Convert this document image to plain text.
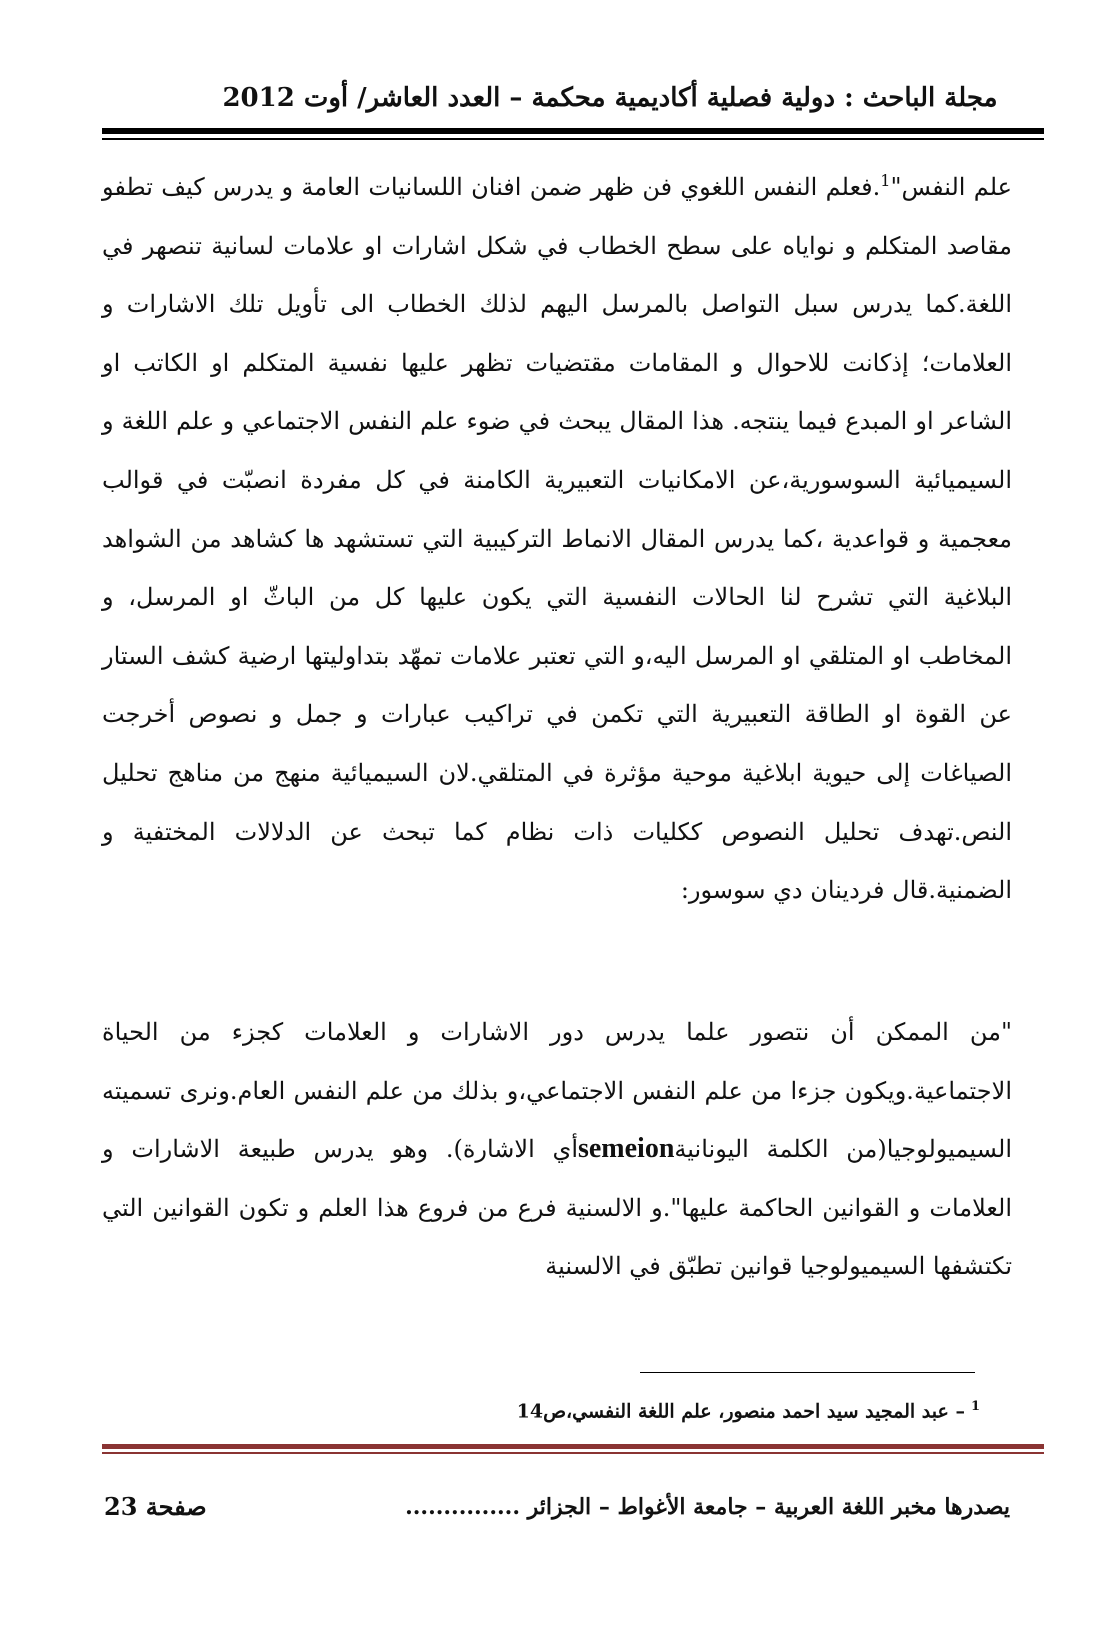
مجلة الباحث : دولية فصلية أكاديمية محكمة – العدد العاشر/ أوت 2012

علم النفس"$^1$.فعلم النفس اللغوي فن ظهر ضمن افنان اللسانيات العامة و يدرس كيف تطفو مقاصد المتكلم و نواياه على سطح الخطاب في شكل اشارات او علامات لسانية تنصهر في اللغة.كما يدرس سبل التواصل بالمرسل اليهم لذلك الخطاب الى تأويل تلك الاشارات و العلامات؛ إذكانت للاحوال و المقامات مقتضيات تظهر عليها نفسية المتكلم او الكاتب او الشاعر او المبدع فيما ينتجه. هذا المقال يبحث في ضوء علم النفس الاجتماعي و علم اللغة و السيميائية السوسورية،عن الامكانيات التعبيرية الكامنة في كل مفردة انصبّت في قوالب معجمية و قواعدية ،كما يدرس المقال الانماط التركيبية التي تستشهد ها كشاهد من الشواهد البلاغية التي تشرح لنا الحالات النفسية التي يكون عليها كل من الباثّ او المرسل، و المخاطب او المتلقي او المرسل اليه،و التي تعتبر علامات تمهّد بتداوليتها ارضية كشف الستار عن القوة او الطاقة التعبيرية التي تكمن في تراكيب عبارات و جمل و نصوص أخرجت الصياغات إلى حيوية ابلاغية موحية مؤثرة في المتلقي.لان السيميائية منهج من مناهج تحليل النص.تهدف تحليل النصوص ككليات ذات نظام كما تبحث عن الدلالات المختفية و الضمنية.قال فردينان دي سوسور:

"من الممكن أن نتصور علما يدرس دور الاشارات و العلامات كجزء من الحياة الاجتماعية.ويكون جزءا من علم النفس الاجتماعي،و بذلك من علم النفس العام.ونرى تسميته السيميولوجيا(من الكلمة اليونانيةsemeionأي الاشارة). وهو يدرس طبيعة الاشارات و العلامات و القوانين الحاكمة عليها".و الالسنية فرع من فروع هذا العلم و تكون القوانين التي تكتشفها السيميولوجيا قوانين تطبّق في الالسنية

$^1$– عبد المجيد سيد احمد منصور، علم اللغة النفسي،ص14

صفحة 23	يصدرها مخبر اللغة العربية – جامعة الأغواط – الجزائر ...............
